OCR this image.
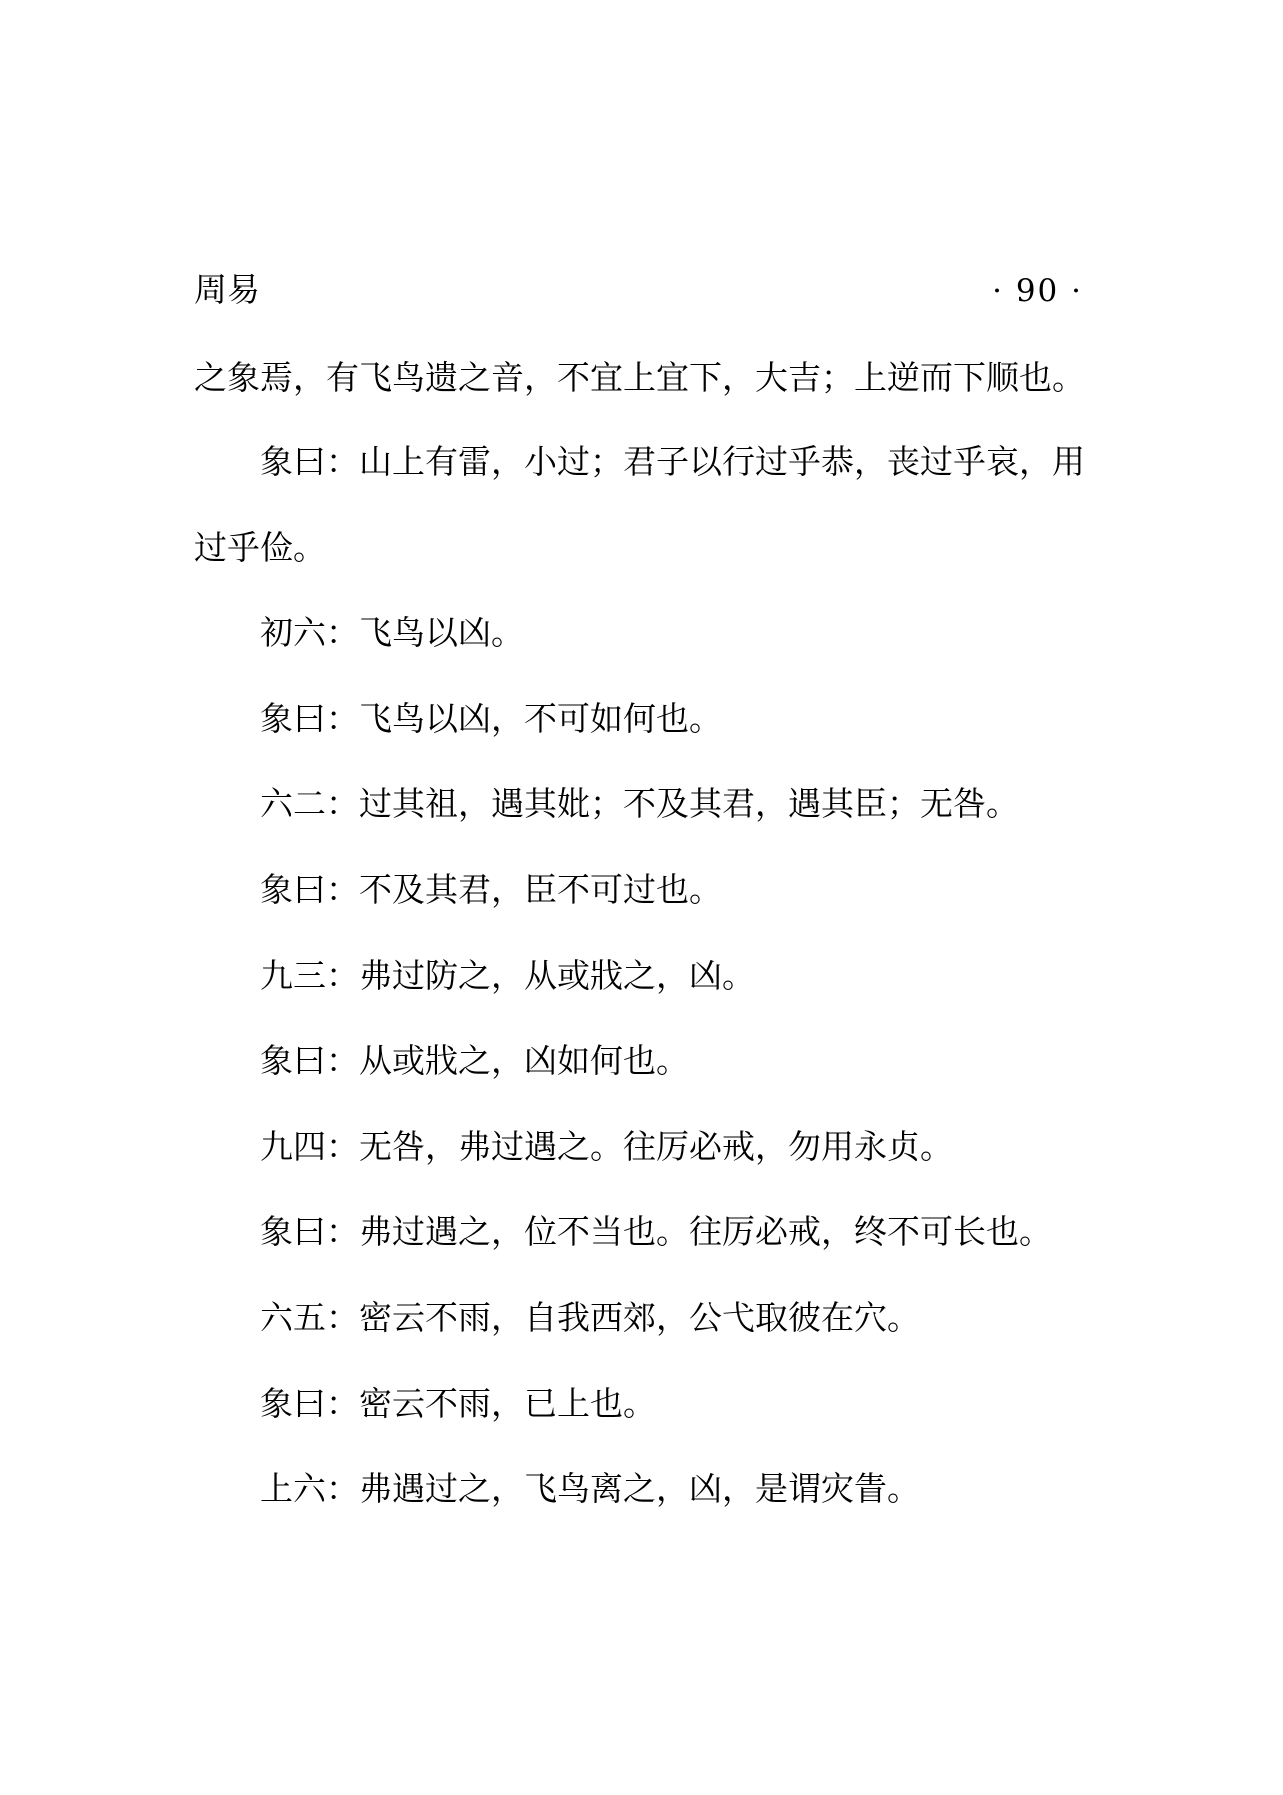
周易	· 90 ·
之象焉，有飞鸟遗之音，不宜上宜下，大吉；上逆而下顺也。
象曰：山上有雷，小过；君子以行过乎恭，丧过乎哀，用
过乎俭。
初六：飞鸟以凶。
象曰：飞鸟以凶，不可如何也。
六二：过其祖，遇其妣；不及其君，遇其臣；无咎。
象曰：不及其君，臣不可过也。
九三：弗过防之，从或戕之，凶。
象曰：从或戕之，凶如何也。
九四：无咎，弗过遇之。往厉必戒，勿用永贞。
象曰：弗过遇之，位不当也。往厉必戒，终不可长也。
六五：密云不雨，自我西郊，公弋取彼在穴。
象曰：密云不雨，已上也。
上六：弗遇过之，飞鸟离之，凶，是谓灾眚。
